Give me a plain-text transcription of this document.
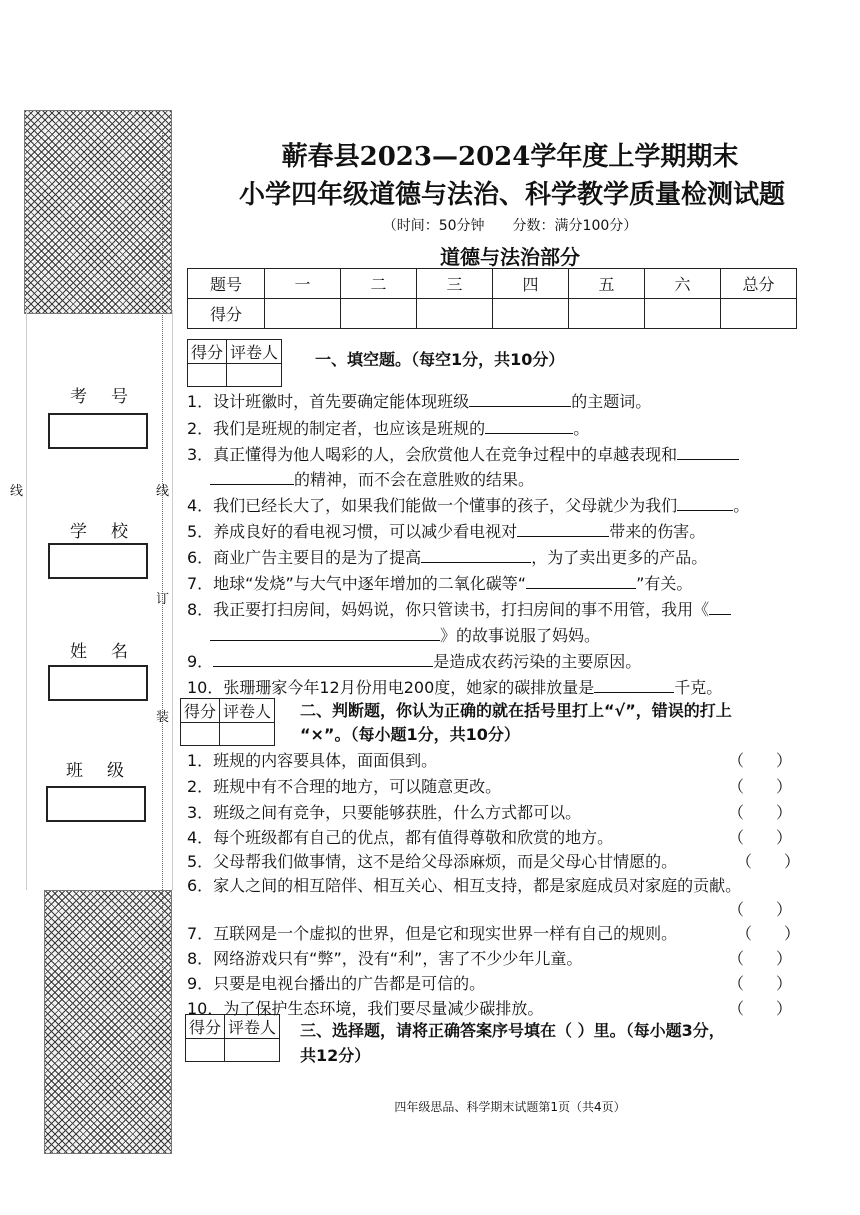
考号
学校
姓名
班级
线	线
订
装
蕲春县2023—2024学年度上学期期末
小学四年级道德与法治、科学教学质量检测试题
（时间：50分钟　　分数：满分100分）
道德与法治部分
题号	一	二	三	四	五	六	总分
得分							
得分	评卷人
	一、填空题。（每空1分，共10分）
1．设计班徽时，首先要确定能体现班级	的主题词。
2．我们是班规的制定者，也应该是班规的	。
3．真正懂得为他人喝彩的人，会欣赏他人在竞争过程中的卓越表现和
的精神，而不会在意胜败的结果。
4．我们已经长大了，如果我们能做一个懂事的孩子，父母就少为我们	。
5．养成良好的看电视习惯，可以减少看电视对	带来的伤害。
6．商业广告主要目的是为了提高	，为了卖出更多的产品。
7．地球“发烧”与大气中逐年增加的二氧化碳等“	”有关。
8．我正要打扫房间，妈妈说，你只管读书，打扫房间的事不用管，我用《
》的故事说服了妈妈。
9．	是造成农药污染的主要原因。
10．张珊珊家今年12月份用电200度，她家的碳排放量是	千克。
得分	评卷人
	二、判断题，你认为正确的就在括号里打上“√”，错误的打上
“×”。（每小题1分，共10分）
1．班规的内容要具体，面面俱到。	（　　）
2．班规中有不合理的地方，可以随意更改。	（　　）
3．班级之间有竞争，只要能够获胜，什么方式都可以。	（　　）
4．每个班级都有自己的优点，都有值得尊敬和欣赏的地方。	（　　）
5．父母帮我们做事情，这不是给父母添麻烦，而是父母心甘情愿的。	（　　）
6．家人之间的相互陪伴、相互关心、相互支持，都是家庭成员对家庭的贡献。
（　　）
7．互联网是一个虚拟的世界，但是它和现实世界一样有自己的规则。	（　　）
8．网络游戏只有“弊”，没有“利”，害了不少少年儿童。	（　　）
9．只要是电视台播出的广告都是可信的。	（　　）
10．为了保护生态环境，我们要尽量减少碳排放。	（　　）
得分	评卷人
	三、选择题，请将正确答案序号填在（ ）里。（每小题3分，
共12分）
四年级思品、科学期末试题第1页（共4页）
